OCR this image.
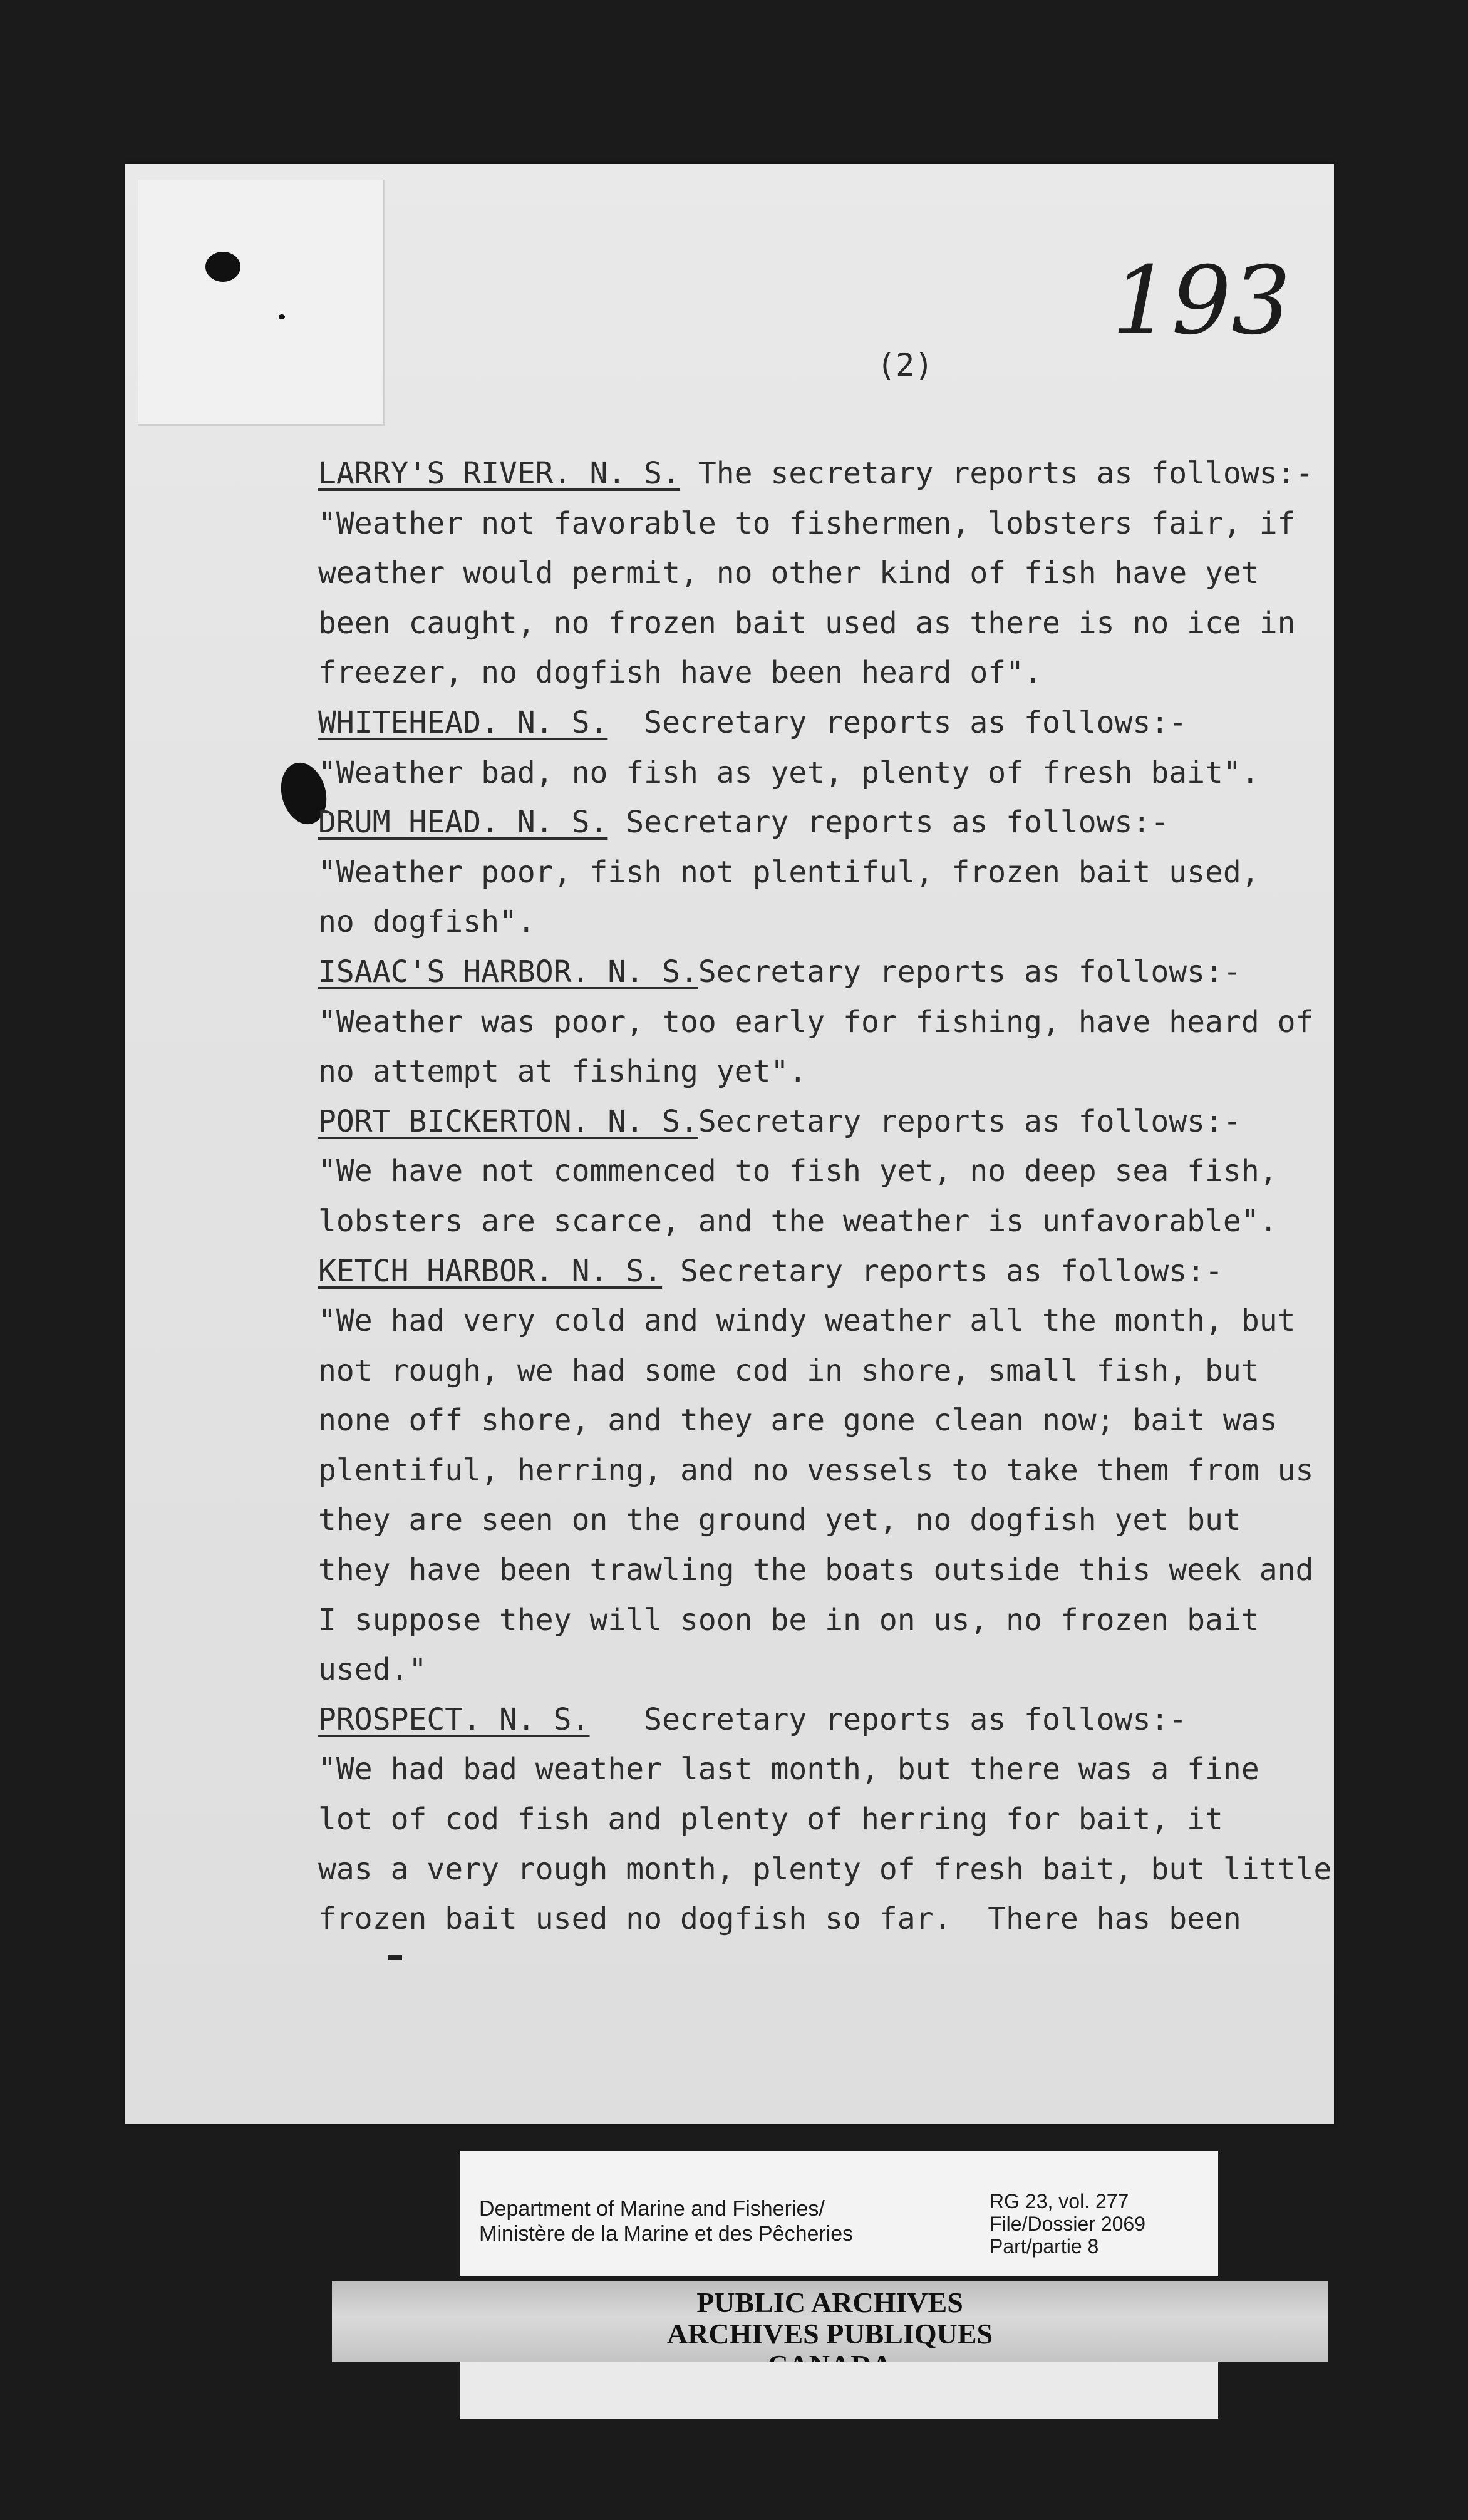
193
(2)
LARRY'S RIVER. N. S. The secretary reports as follows:-
"Weather not favorable to fishermen, lobsters fair, if
weather would permit, no other kind of fish have yet
been caught, no frozen bait used as there is no ice in
freezer, no dogfish have been heard of".
WHITEHEAD. N. S.  Secretary reports as follows:-
"Weather bad, no fish as yet, plenty of fresh bait".
DRUM HEAD. N. S. Secretary reports as follows:-
"Weather poor, fish not plentiful, frozen bait used,
no dogfish".
ISAAC'S HARBOR. N. S.Secretary reports as follows:-
"Weather was poor, too early for fishing, have heard of
no attempt at fishing yet".
PORT BICKERTON. N. S.Secretary reports as follows:-
"We have not commenced to fish yet, no deep sea fish,
lobsters are scarce, and the weather is unfavorable".
KETCH HARBOR. N. S. Secretary reports as follows:-
"We had very cold and windy weather all the month, but
not rough, we had some cod in shore, small fish, but
none off shore, and they are gone clean now; bait was
plentiful, herring, and no vessels to take them from us
they are seen on the ground yet, no dogfish yet but
they have been trawling the boats outside this week and
I suppose they will soon be in on us, no frozen bait
used."
PROSPECT. N. S.   Secretary reports as follows:-
"We had bad weather last month, but there was a fine
lot of cod fish and plenty of herring for bait, it
was a very rough month, plenty of fresh bait, but little
frozen bait used no dogfish so far.  There has been
Department of Marine and Fisheries/
Ministère de la Marine et des Pêcheries
RG 23, vol. 277
File/Dossier 2069
Part/partie 8
PUBLIC ARCHIVES
ARCHIVES PUBLIQUES
